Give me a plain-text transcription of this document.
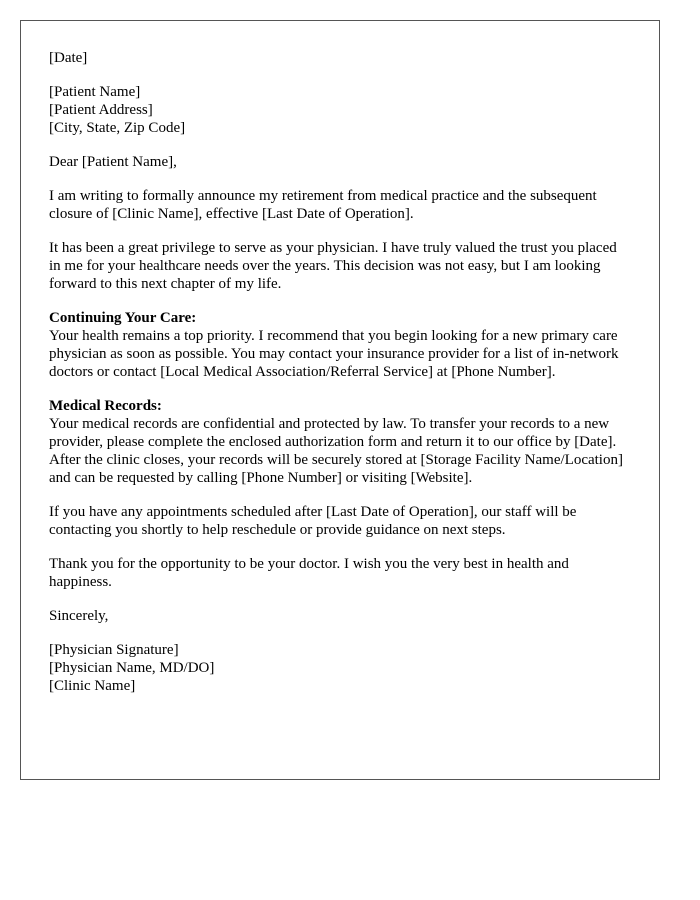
[Date]

[Patient Name]
[Patient Address]
[City, State, Zip Code]

Dear [Patient Name],

I am writing to formally announce my retirement from medical practice and the subsequent closure of [Clinic Name], effective [Last Date of Operation].

It has been a great privilege to serve as your physician. I have truly valued the trust you placed in me for your healthcare needs over the years. This decision was not easy, but I am looking forward to this next chapter of my life.

Continuing Your Care:
Your health remains a top priority. I recommend that you begin looking for a new primary care physician as soon as possible. You may contact your insurance provider for a list of in-network doctors or contact [Local Medical Association/Referral Service] at [Phone Number].
Medical Records:
Your medical records are confidential and protected by law. To transfer your records to a new provider, please complete the enclosed authorization form and return it to our office by [Date]. After the clinic closes, your records will be securely stored at [Storage Facility Name/Location] and can be requested by calling [Phone Number] or visiting [Website].

If you have any appointments scheduled after [Last Date of Operation], our staff will be contacting you shortly to help reschedule or provide guidance on next steps.

Thank you for the opportunity to be your doctor. I wish you the very best in health and happiness.

Sincerely,

[Physician Signature]
[Physician Name, MD/DO]
[Clinic Name]
